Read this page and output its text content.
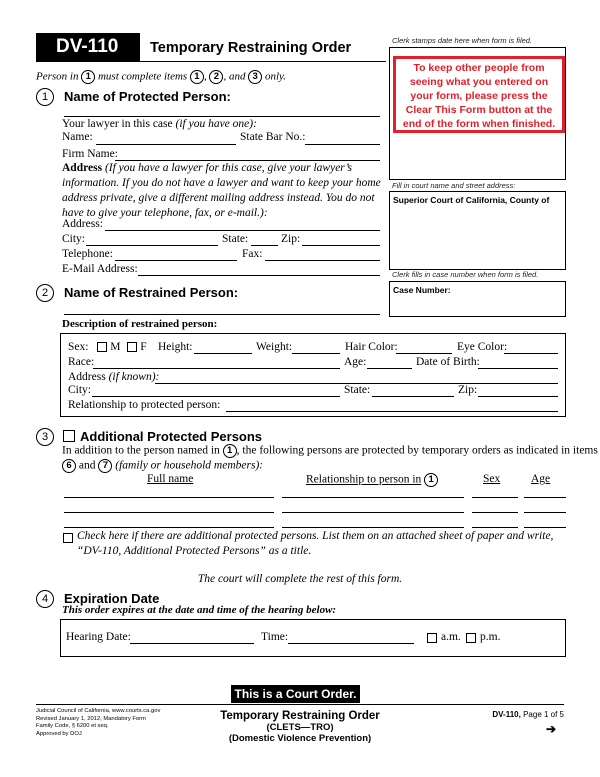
DV-110 Temporary Restraining Order
Person in 1 must complete items 1 , 2 , and 3 only.
Clerk stamps date here when form is filed.
To keep other people from seeing what you entered on your form, please press the Clear This Form button at the end of the form when finished.
Fill in court name and street address:
Superior Court of California, County of
Clerk fills in case number when form is filed.
Case Number:
1	Name of Protected Person:
Your lawyer in this case (if you have one):
Name:	State Bar No.:
Firm Name:
Address (If you have a lawyer for this case, give your lawyer’s information. If you do not have a lawyer and want to keep your home address private, give a different mailing address instead. You do not have to give your telephone, fax, or e-mail.):
Address:
City:	State:	Zip:
Telephone:	Fax:
E-Mail Address:
2	Name of Restrained Person:
Description of restrained person:
Sex: M F Height:	Weight:	Hair Color:	Eye Color:
Race:	Age:	Date of Birth:
Address (if known):
City:	State:	Zip:
Relationship to protected person:
3	Additional Protected Persons
In addition to the person named in 1 , the following persons are protected by temporary orders as indicated in items
6 and 7 (family or household members):
Full name	Relationship to person in 1	Sex	Age
Check here if there are additional protected persons. List them on an attached sheet of paper and write,
“DV-110, Additional Protected Persons” as a title.
The court will complete the rest of this form.
4	Expiration Date
This order expires at the date and time of the hearing below:
Hearing Date:	Time:	a.m. p.m.
This is a Court Order.
Judicial Council of California, www.courts.ca.gov
Revised January 1, 2012, Mandatory Form
Family Code, § 6200 et seq.
Approved by DOJ
Temporary Restraining Order
(CLETS—TRO)
(Domestic Violence Prevention)
DV-110, Page 1 of 5
➔
